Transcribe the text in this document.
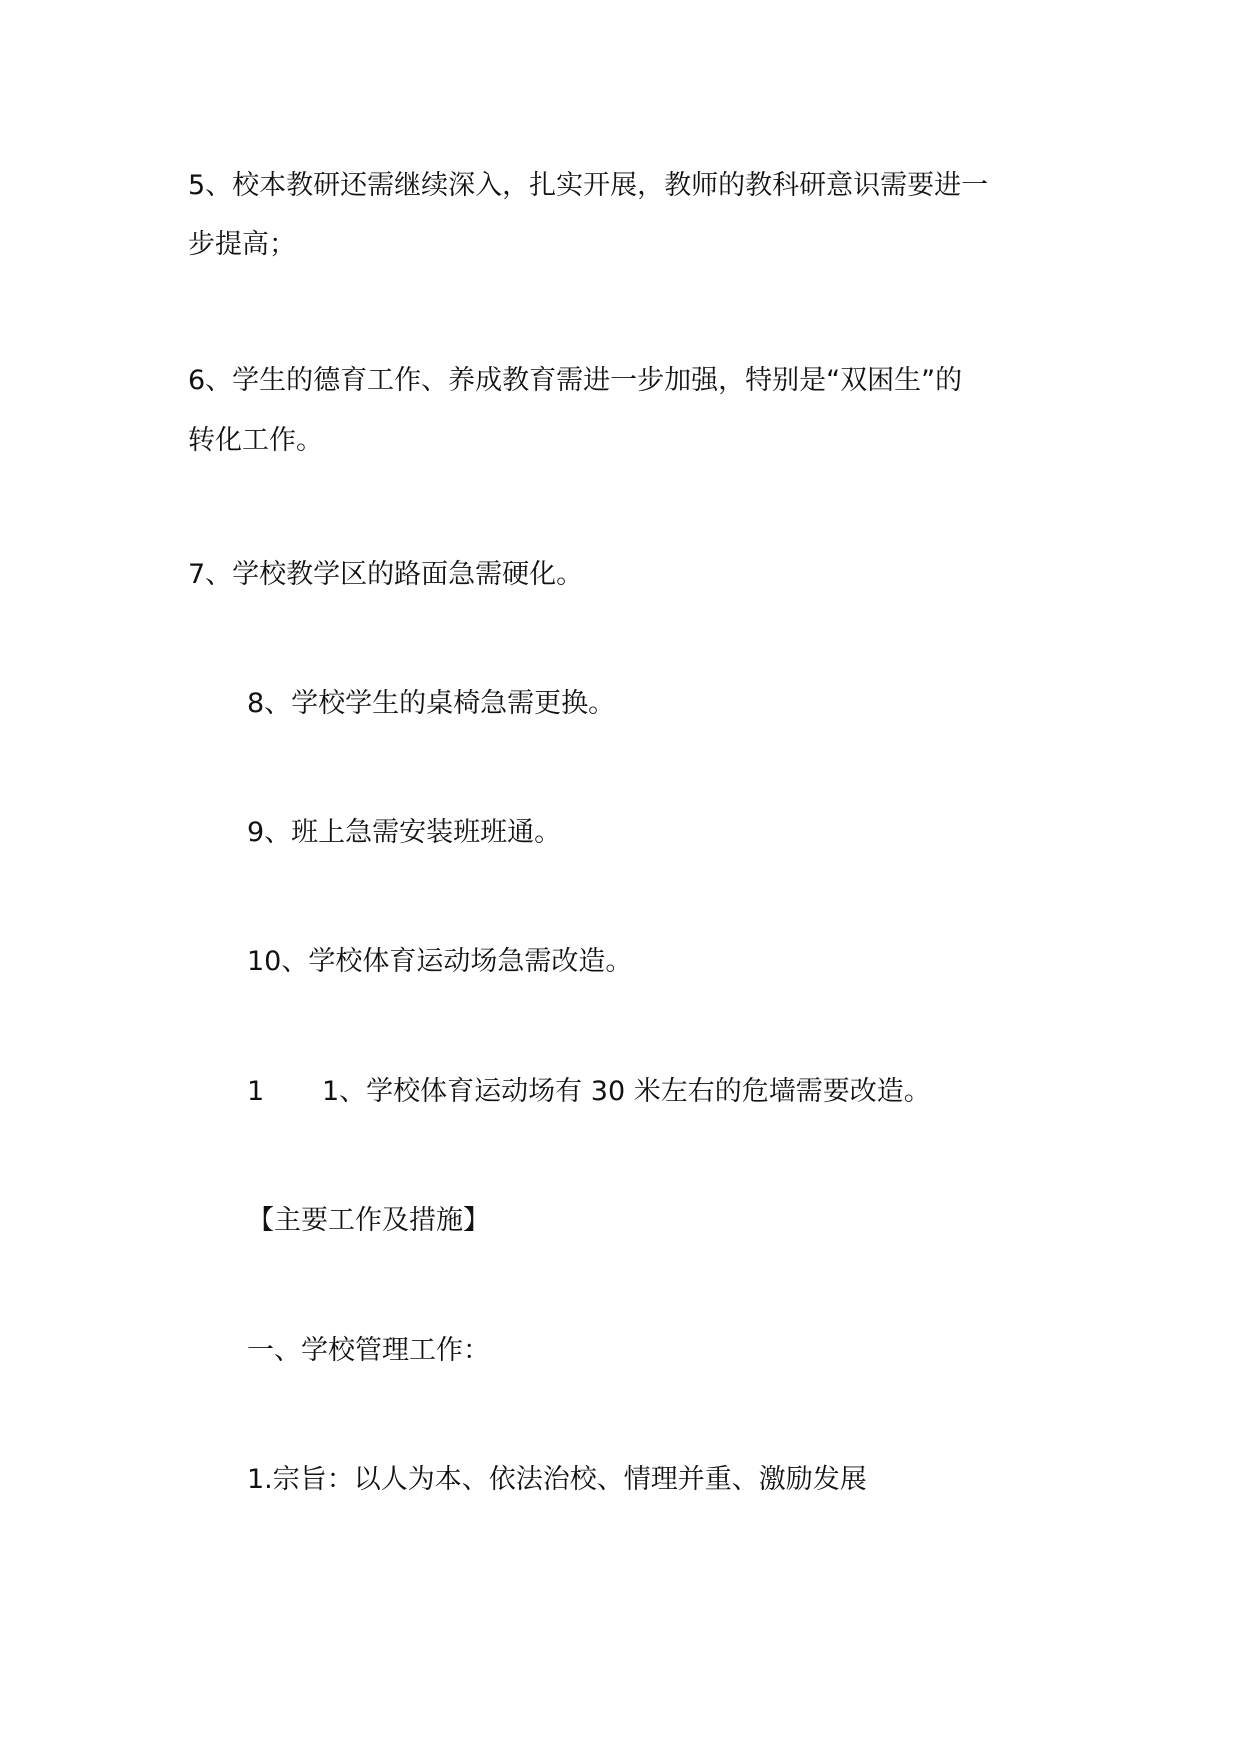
5、校本教研还需继续深入，扎实开展，教师的教科研意识需要进一
步提高；
6、学生的德育工作、养成教育需进一步加强，特别是“双困生”的
转化工作。
7、学校教学区的路面急需硬化。
8、学校学生的桌椅急需更换。
9、班上急需安装班班通。
10、学校体育运动场急需改造。
1	1、学校体育运动场有 30 米左右的危墙需要改造。
【主要工作及措施】
一、学校管理工作：
1.宗旨：以人为本、依法治校、情理并重、激励发展
